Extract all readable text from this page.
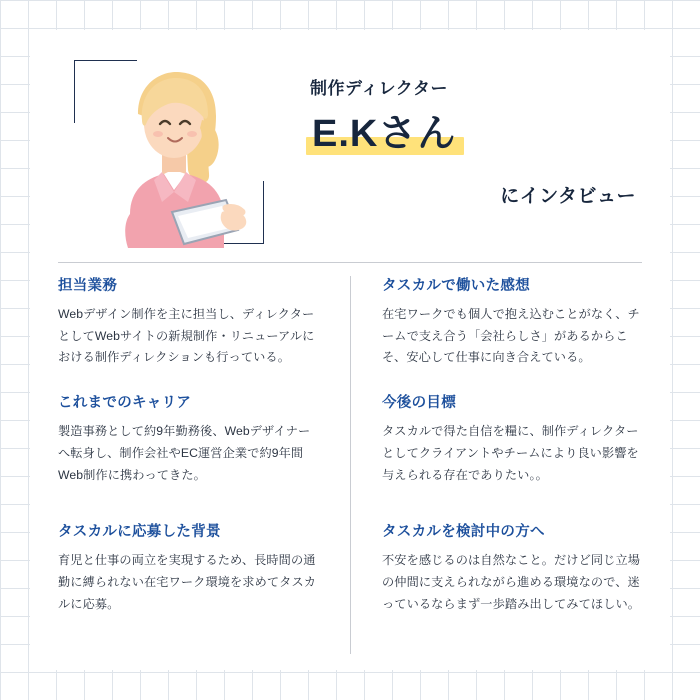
制作ディレクター
E.Kさん
にインタビュー
担当業務

Webデザイン制作を主に担当し、ディレクターとしてWebサイトの新規制作・リニューアルにおける制作ディレクションも行っている。

これまでのキャリア

製造事務として約9年勤務後、Webデザイナーへ転身し、制作会社やEC運営企業で約9年間Web制作に携わってきた。

タスカルに応募した背景

育児と仕事の両立を実現するため、長時間の通勤に縛られない在宅ワーク環境を求めてタスカルに応募。

タスカルで働いた感想

在宅ワークでも個人で抱え込むことがなく、チームで支え合う「会社らしさ」があるからこそ、安心して仕事に向き合えている。

今後の目標

タスカルで得た自信を糧に、制作ディレクターとしてクライアントやチームにより良い影響を与えられる存在でありたい。。

タスカルを検討中の方へ

不安を感じるのは自然なこと。だけど同じ立場の仲間に支えられながら進める環境なので、迷っているならまず一歩踏み出してみてほしい。
